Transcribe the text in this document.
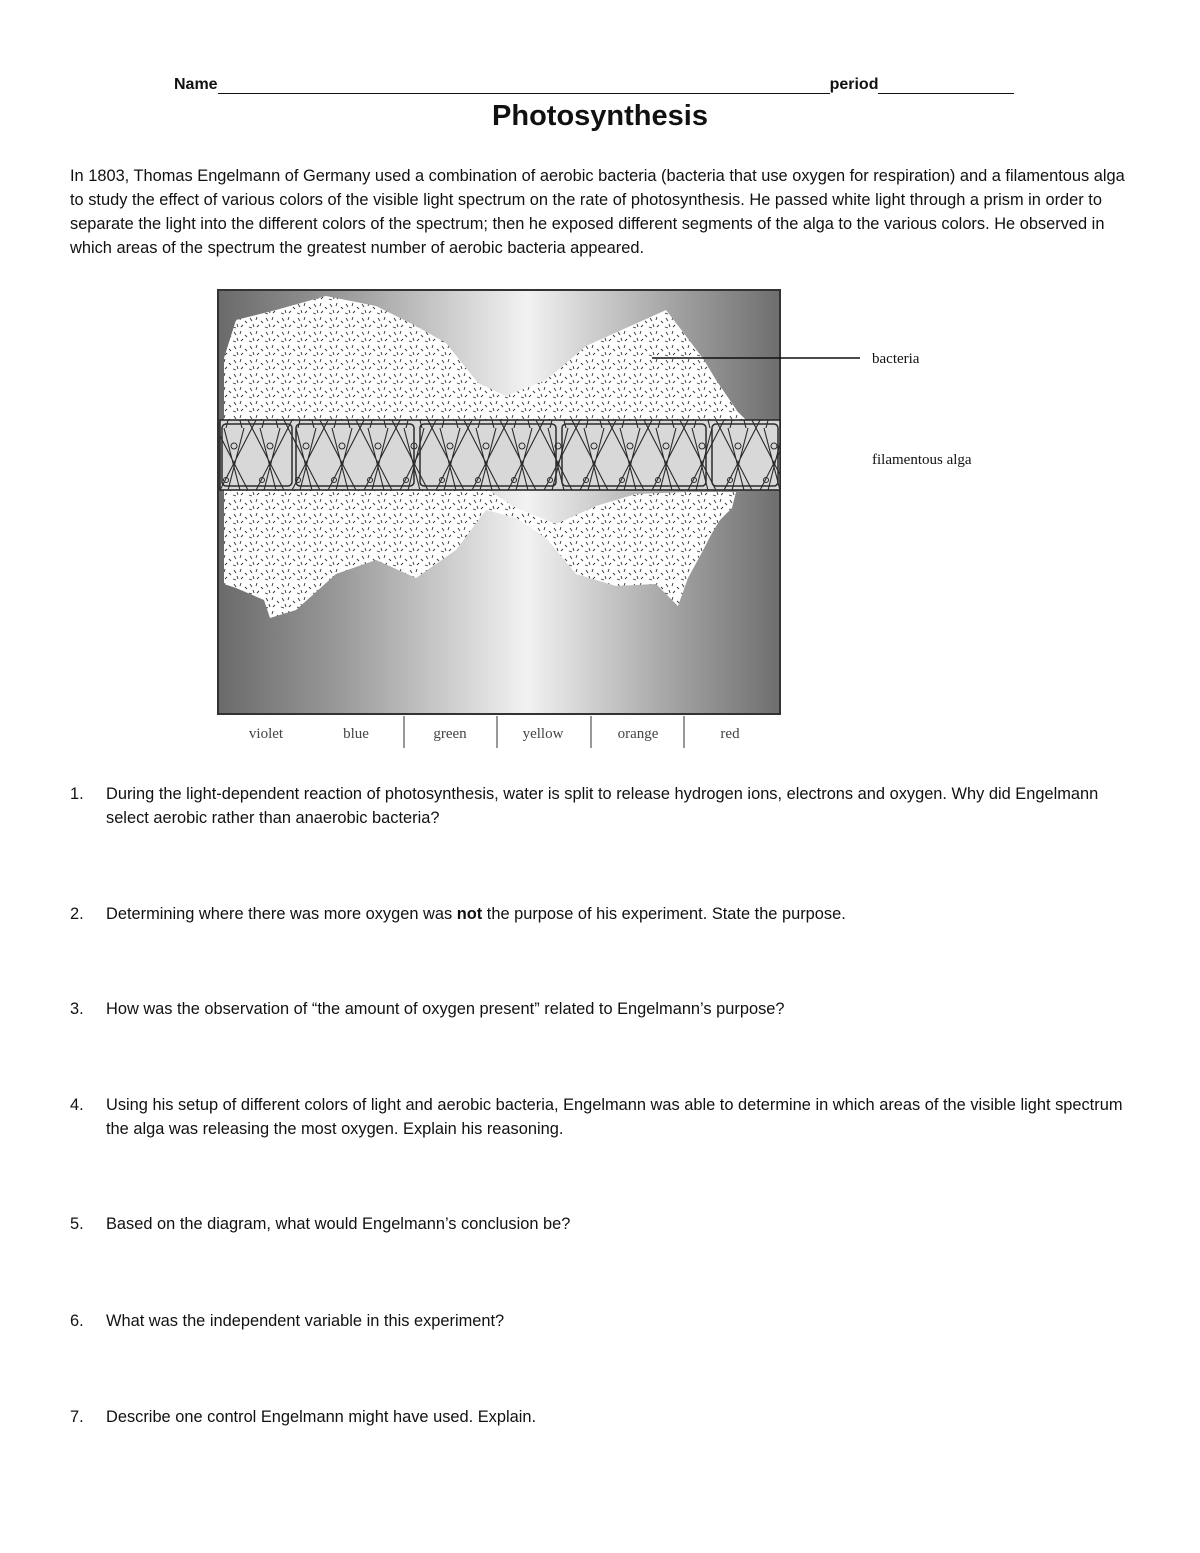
Name	period
Photosynthesis

In 1803, Thomas Engelmann of Germany used a combination of aerobic bacteria (bacteria that use oxygen for respiration) and a filamentous alga to study the effect of various colors of the visible light spectrum on the rate of photosynthesis. He passed white light through a prism in order to separate the light into the different colors of the spectrum; then he exposed different segments of the alga to the various colors. He observed in which areas of the spectrum the greatest number of aerobic bacteria appeared.

bacteria
filamentous alga
violet	blue	green	yellow	orange	red
1.	During the light-dependent reaction of photosynthesis, water is split to release hydrogen ions, electrons and oxygen. Why did Engelmann select aerobic rather than anaerobic bacteria?
2.	Determining where there was more oxygen was not the purpose of his experiment. State the purpose.
3.	How was the observation of “the amount of oxygen present” related to Engelmann’s purpose?
4.	Using his setup of different colors of light and aerobic bacteria, Engelmann was able to determine in which areas of the visible light spectrum the alga was releasing the most oxygen. Explain his reasoning.
5.	Based on the diagram, what would Engelmann’s conclusion be?
6.	What was the independent variable in this experiment?
7.	Describe one control Engelmann might have used. Explain.
